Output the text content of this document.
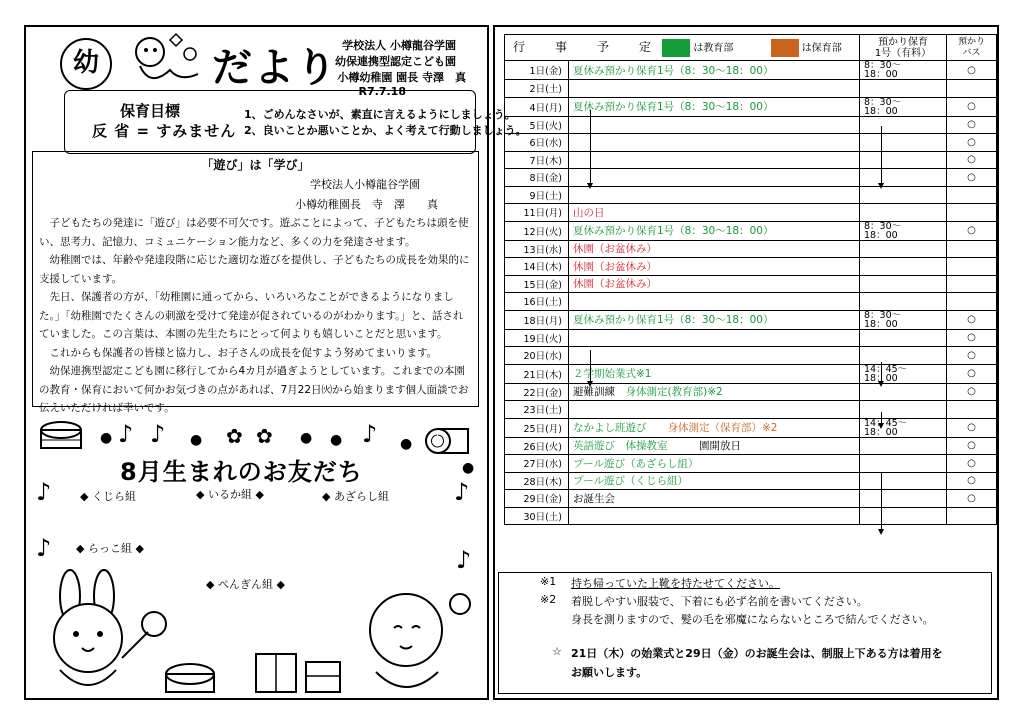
幼	だより 学校法人 小樽龍谷学園
幼保連携型認定こども園
小樽幼稚園 園長 寺澤　真
R7.7.18
保育目標
反 省 = すみません
1、ごめんなさいが、素直に言えるようにしましょう。
2、良いことか悪いことか、よく考えて行動しましょう。
「遊び」は「学び」
学校法人小樽龍谷学園
小樽幼稚園長　寺　澤　　真

子どもたちの発達に「遊び」は必要不可欠です。遊ぶことによって、子どもたちは頭を使い、思考力、記憶力、コミュニケーション能力など、多くの力を発達させます。

幼稚園では、年齢や発達段階に応じた適切な遊びを提供し、子どもたちの成長を効果的に支援しています。

先日、保護者の方が、「幼稚園に通ってから、いろいろなことができるようになりました。」「幼稚園でたくさんの刺激を受けて発達が促されているのがわかります。」と、話されていました。この言葉は、本園の先生たちにとって何よりも嬉しいことだと思います。

これからも保護者の皆様と協力し、お子さんの成長を促すよう努めてまいります。

幼保連携型認定こども園に移行してから4カ月が過ぎようとしています。これまでの本園の教育・保育において何かお気づきの点があれば、7月22日㈫から始まります個人面談でお伝えいただければ幸いです。

♪ ♪	✿ ✿	♪
●	●	● ●	●
●
8月生まれのお友だち
♪	◆ くじら組	◆ いるか組 ◆	◆ あざらし組	♪
♪ ◆ らっこ組 ◆	♪
◆ ぺんぎん組 ◆
行　　事　　予　　定 は教育部 は保育部		預かり保育
1号（有料）	預かり
バス
1日(金)	夏休み預かり保育1号（8：30～18：00）	8：30～
18：00	○
2日(土)			
4日(月)	夏休み預かり保育1号（8：30～18：00）	8：30～
18：00	○
5日(火)			○
6日(水)			○
7日(木)			○
8日(金)			○
9日(土)			
11日(月)	山の日		
12日(火)	夏休み預かり保育1号（8：30～18：00）	8：30～
18：00	○
13日(水)	休園（お盆休み）		
14日(木)	休園（お盆休み）		
15日(金)	休園（お盆休み）		
16日(土)			
18日(月)	夏休み預かり保育1号（8：30～18：00）	8：30～
18：00	○
19日(火)			○
20日(水)			○
21日(木)	２学期始業式※1	14：45～
18：00	○
22日(金)	避難訓練　 身体測定(教育部)※2		○
23日(土)			
25日(月)	なかよし班遊び　　 身体測定（保育部）※2	14：45～
18：00	○
26日(火)	英語遊び　体操教室　　　 園開放日		○
27日(水)	プール遊び（あざらし組）		○
28日(木)	プール遊び（くじら組）		○
29日(金)	お誕生会		○
30日(土)			
※1 持ち帰っていた上靴を持たせてください。
※2 着脱しやすい服装で、下着にも必ず名前を書いてください。
身長を測りますので、髪の毛を邪魔にならないところで結んでください。
☆ 21日（木）の始業式と29日（金）のお誕生会は、制服上下ある方は着用を
お願いします。
